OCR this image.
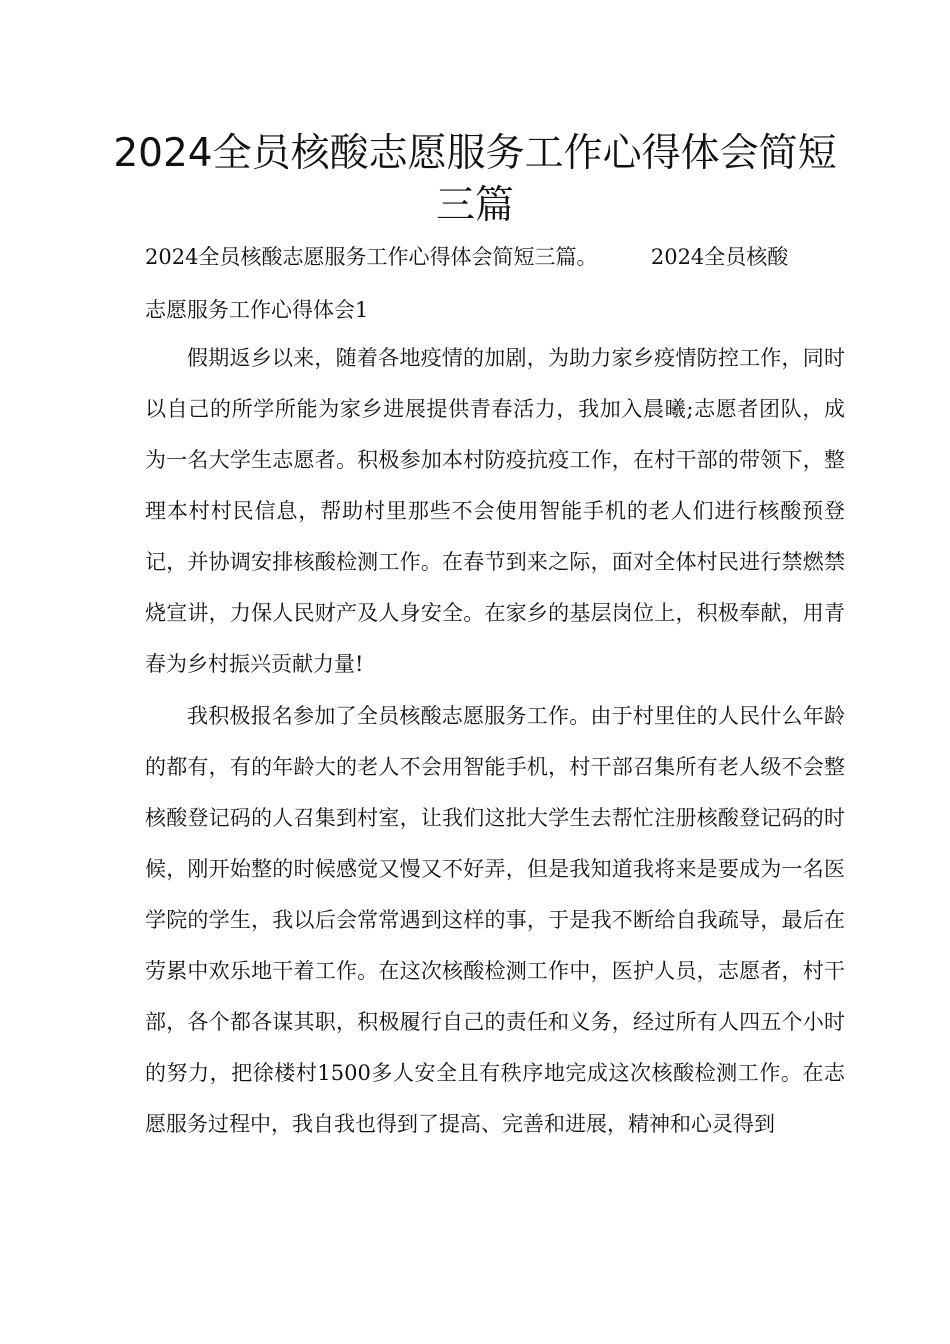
2024全员核酸志愿服务工作心得体会简短三篇
2024全员核酸志愿服务工作心得体会简短三篇。        2024全员核酸
志愿服务工作心得体会1

假期返乡以来，随着各地疫情的加剧，为助力家乡疫情防控工作，同时以自己的所学所能为家乡进展提供青春活力，我加入晨曦;志愿者团队，成为一名大学生志愿者。积极参加本村防疫抗疫工作，在村干部的带领下，整理本村村民信息，帮助村里那些不会使用智能手机的老人们进行核酸预登记，并协调安排核酸检测工作。在春节到来之际，面对全体村民进行禁燃禁烧宣讲，力保人民财产及人身安全。在家乡的基层岗位上，积极奉献，用青春为乡村振兴贡献力量!

我积极报名参加了全员核酸志愿服务工作。由于村里住的人民什么年龄的都有，有的年龄大的老人不会用智能手机，村干部召集所有老人级不会整核酸登记码的人召集到村室，让我们这批大学生去帮忙注册核酸登记码的时候，刚开始整的时候感觉又慢又不好弄，但是我知道我将来是要成为一名医学院的学生，我以后会常常遇到这样的事，于是我不断给自我疏导，最后在劳累中欢乐地干着工作。在这次核酸检测工作中，医护人员，志愿者，村干部，各个都各谋其职，积极履行自己的责任和义务，经过所有人四五个小时的努力，把徐楼村1500多人安全且有秩序地完成这次核酸检测工作。在志愿服务过程中，我自我也得到了提高、完善和进展，精神和心灵得到
